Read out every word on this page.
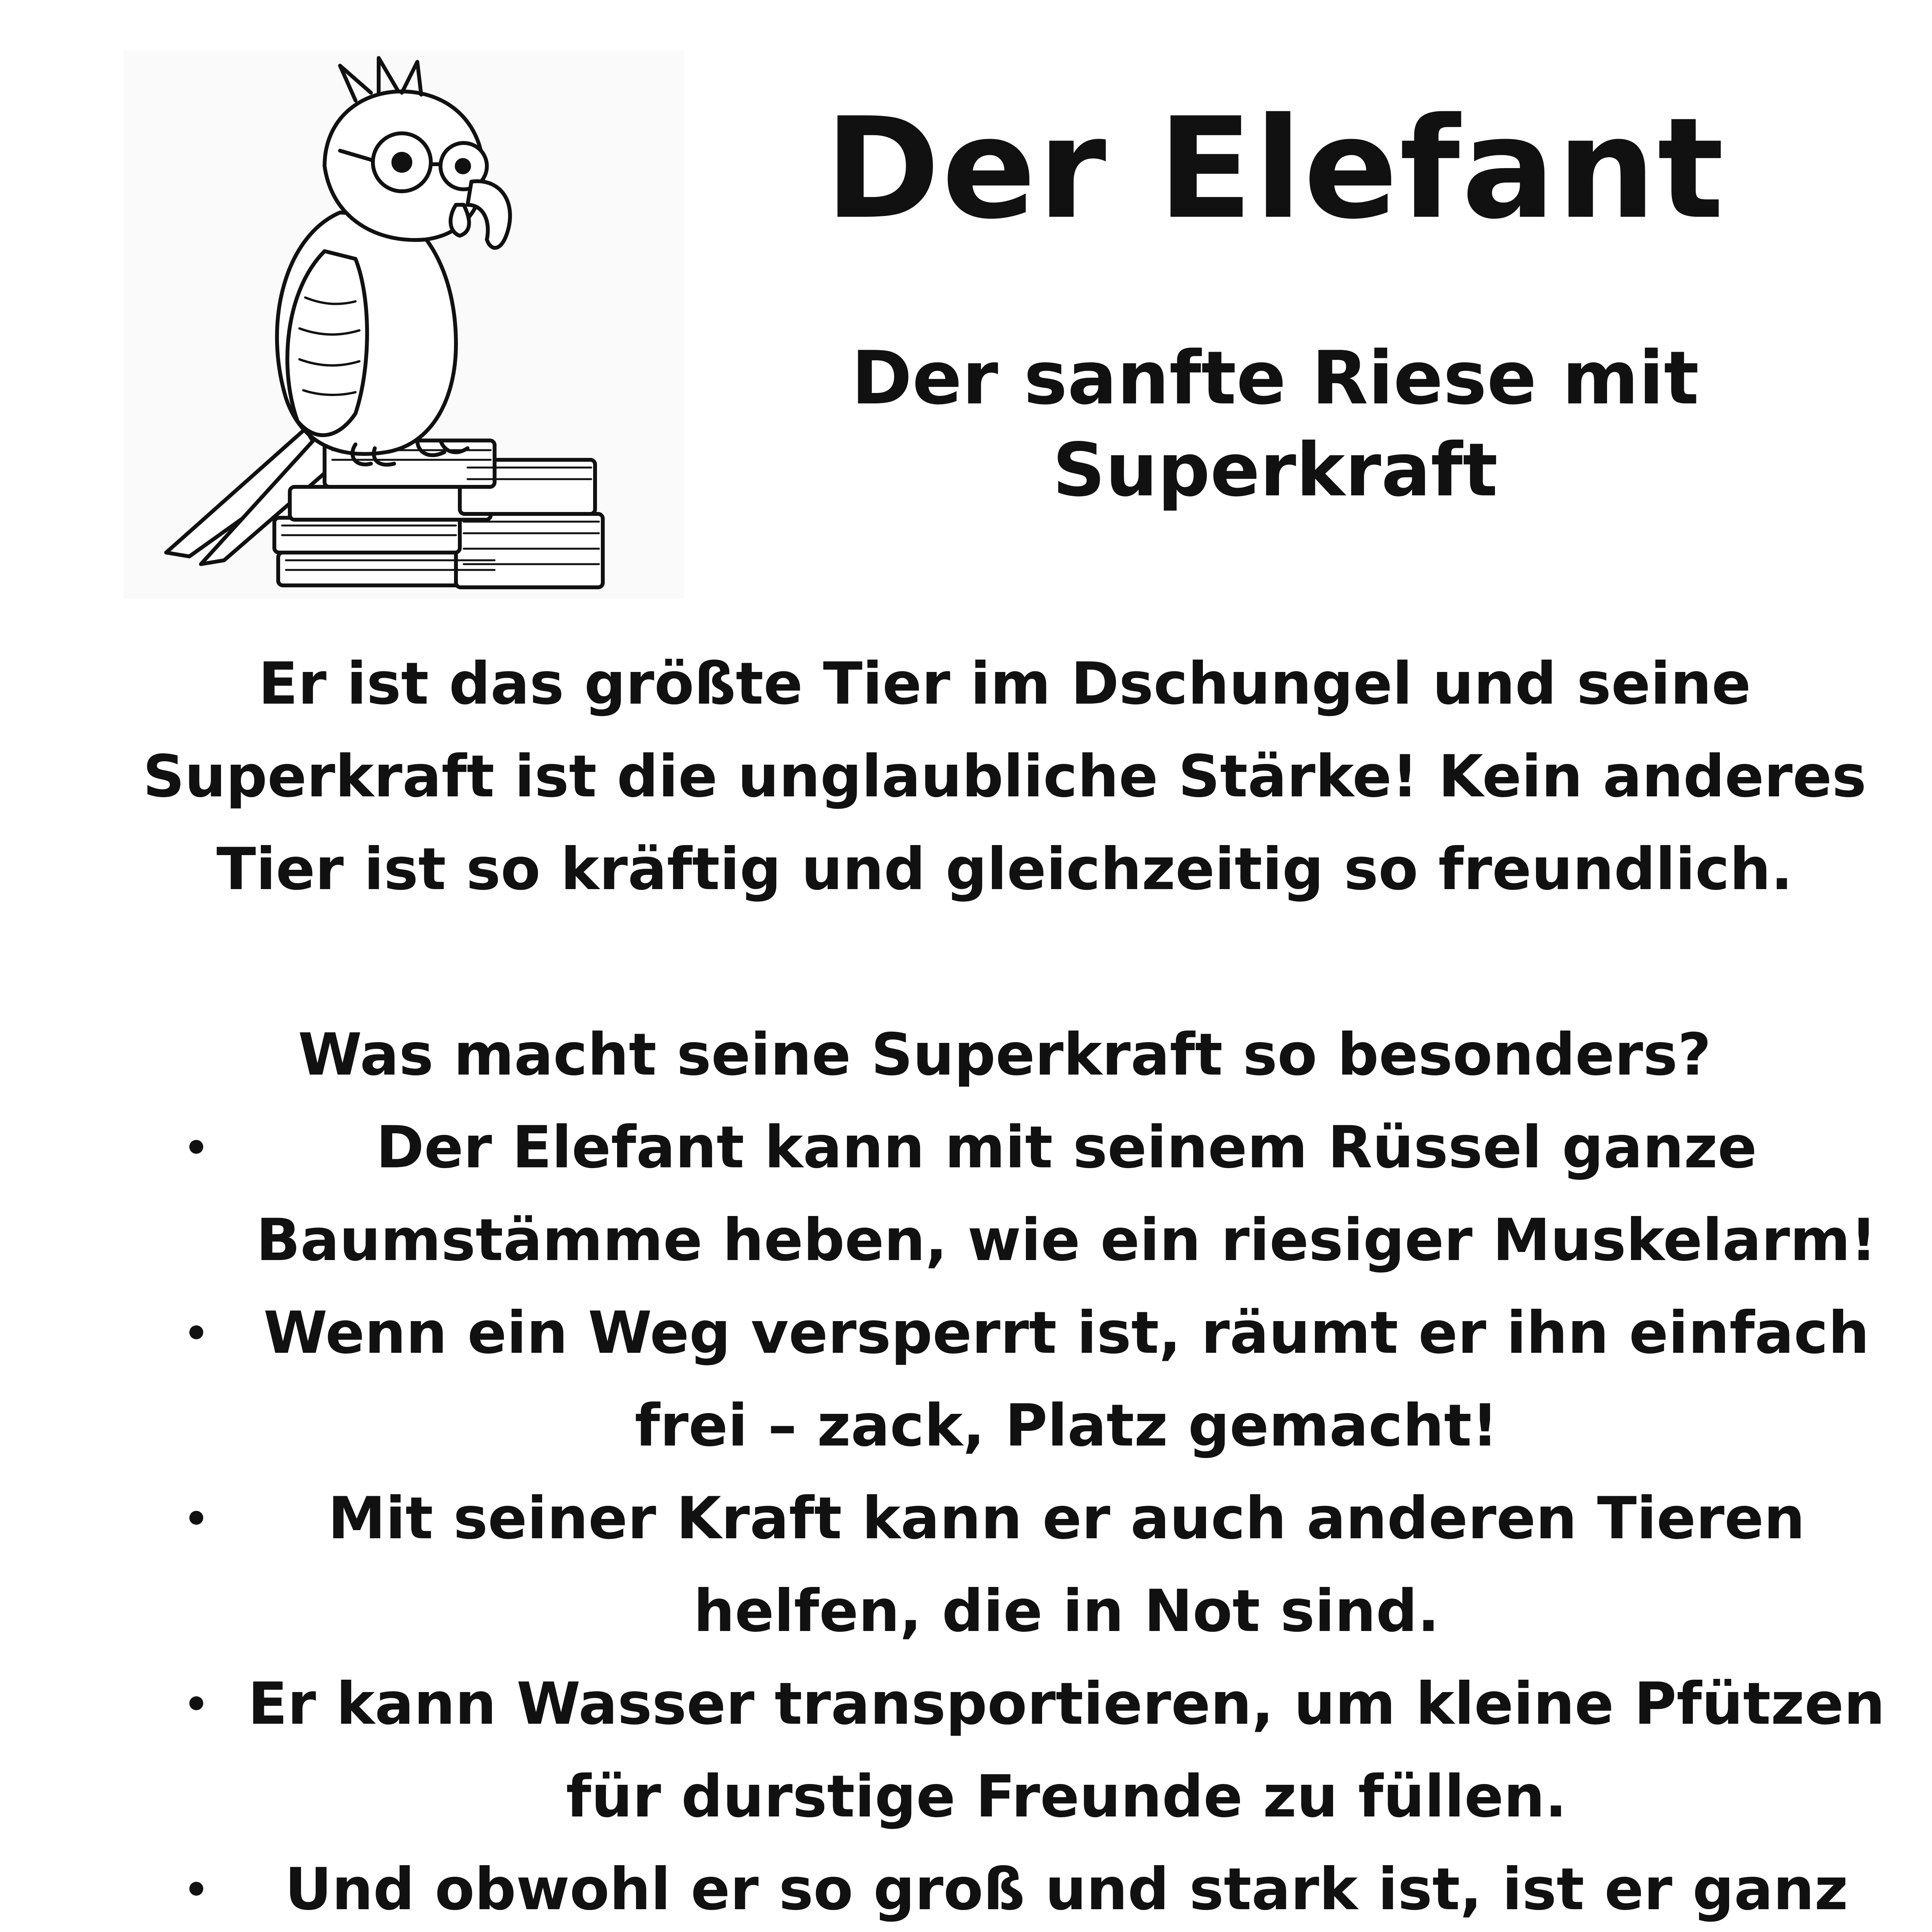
Der Elefant
Der sanfte Riese mit
Superkraft
Er ist das größte Tier im Dschungel und seine Superkraft ist die unglaubliche Stärke! Kein anderes Tier ist so kräftig und gleichzeitig so freundlich.
Was macht seine Superkraft so besonders?
Der Elefant kann mit seinem Rüssel ganze Baumstämme heben, wie ein riesiger Muskelarm!
Wenn ein Weg versperrt ist, räumt er ihn einfach frei – zack, Platz gemacht!
Mit seiner Kraft kann er auch anderen Tieren helfen, die in Not sind.
Er kann Wasser transportieren, um kleine Pfützen für durstige Freunde zu füllen.
Und obwohl er so groß und stark ist, ist er ganz
